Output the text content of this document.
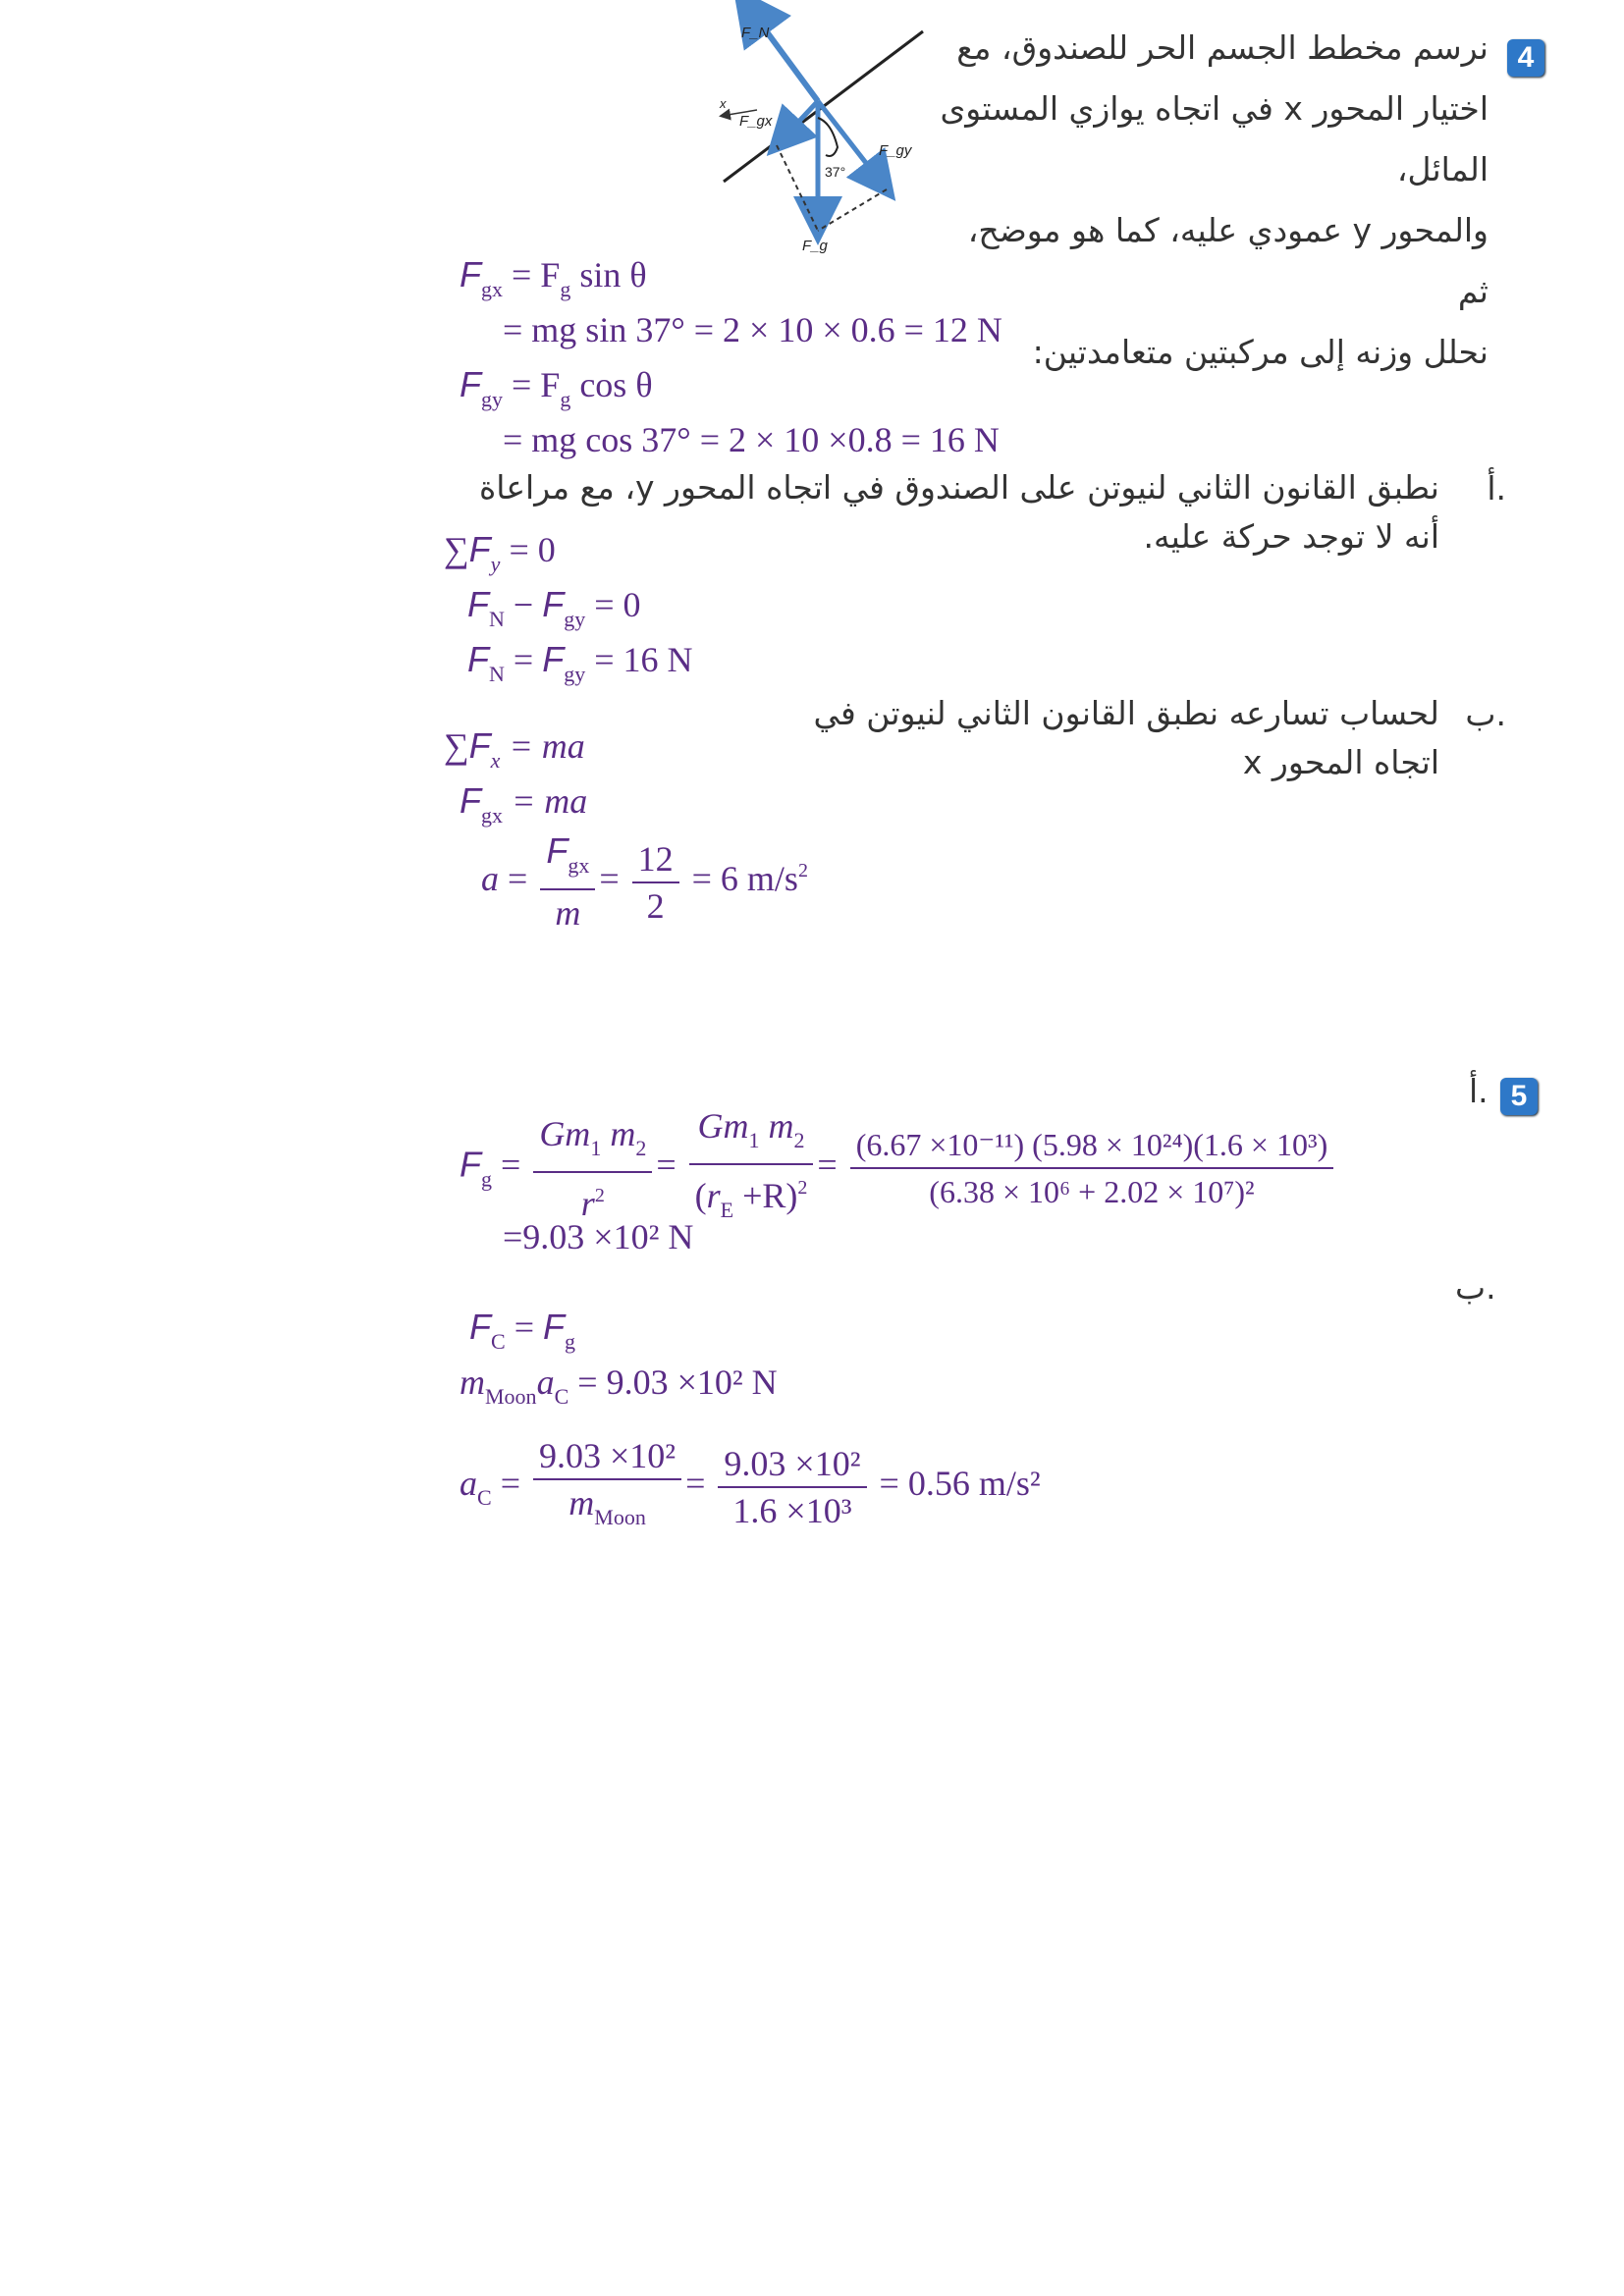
4
نرسم مخطط الجسم الحر للصندوق، مع
اختيار المحور x في اتجاه يوازي المستوى المائل،
والمحور y عمودي عليه، كما هو موضح، ثم
نحلل وزنه إلى مركبتين متعامدتين:
F_N
x
F_gx
F_gy
37°
F_g
$F_{gx} = F_g$ sin θ
= mg sin 37° = 2 × 10 × 0.6 = 12 N
$F_{gy} = F_g$ cos θ
= mg cos 37° = 2 × 10 ×0.8 = 16 N
أ.
نطبق القانون الثاني لنيوتن على الصندوق في اتجاه المحور y، مع مراعاة أنه لا توجد حركة عليه.
$\sum F_y = 0$
$F_N - F_{gy} = 0$
$F_N = F_{gy} = 16$ N
ب.
لحساب تسارعه نطبق القانون الثاني لنيوتن في اتجاه المحور x
$\sum F_x$ = ma
$F_{gx}$ = ma
$a = \frac{F_{gx}}{m} = \frac{12}{2} = 6$ $m/s^2$
5
أ.
$F_g = \frac{Gm_1 m_2}{r^2} = \frac{Gm_1 m_2}{(r_E +R)^2} = \frac{\text{(6.67 ×10⁻¹¹) (5.98 × 10²⁴)(1.6 × 10³)}}{\text{(6.38 × 10⁶ + 2.02 × 10⁷)²}}$
=9.03 ×10² N
ب.
$F_C = F_g$
$m_{Moon}a_C = 9.03 \times 10^2$ N
$a_C = \frac{\text{9.03 ×10²}}{m_{Moon}} = \frac{\text{9.03 ×10²}}{\text{1.6 ×10³}} = 0.56$ m/s²
